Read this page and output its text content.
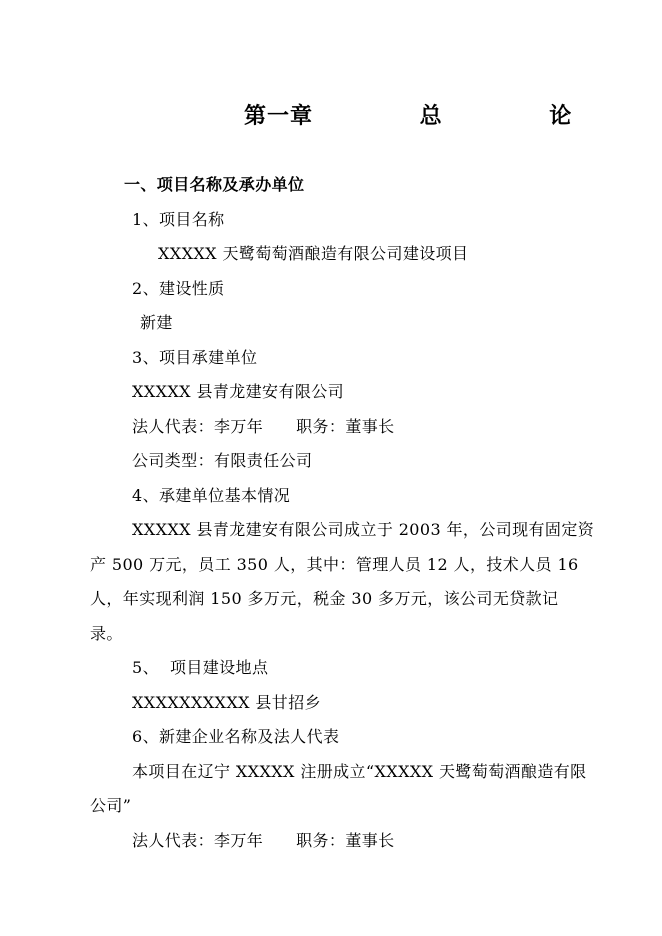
第一章    总    论
一、项目名称及承办单位
1、项目名称
XXXXX 天鹭萄萄酒酿造有限公司建设项目
2、建设性质
新建
3、项目承建单位
XXXXX 县青龙建安有限公司
法人代表：李万年      职务：董事长
公司类型：有限责任公司
4、承建单位基本情况
XXXXX 县青龙建安有限公司成立于 2003 年，公司现有固定资
产 500 万元，员工 350 人，其中：管理人员 12 人，技术人员 16
人，年实现利润 150 多万元，税金 30 多万元，该公司无贷款记
录。
5、  项目建设地点
XXXXXXXXXX 县甘招乡
6、新建企业名称及法人代表
本项目在辽宁 XXXXX 注册成立“XXXXX 天鹭萄萄酒酿造有限
公司”
法人代表：李万年      职务：董事长
